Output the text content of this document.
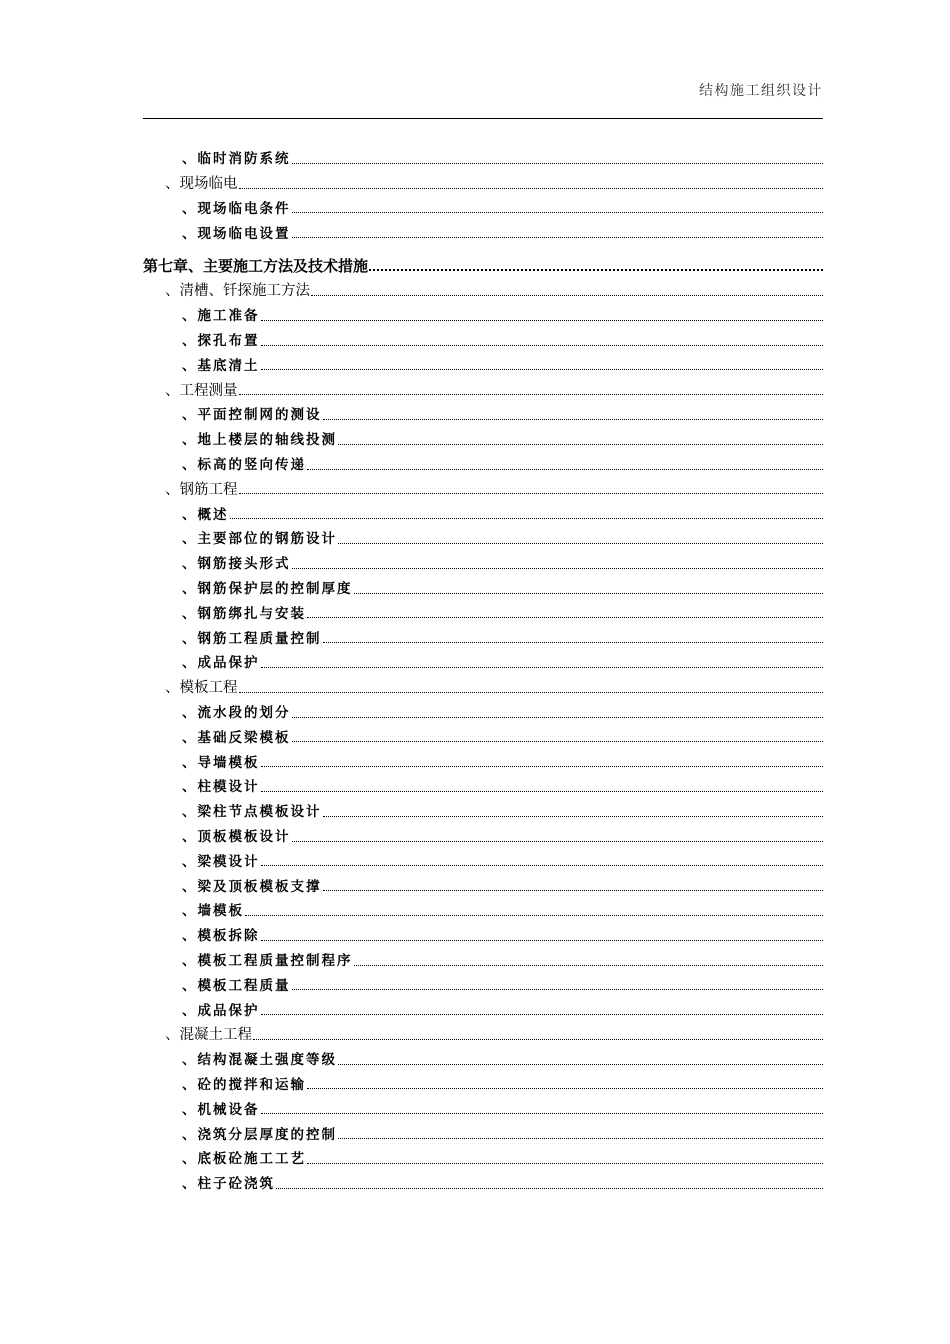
结构施工组织设计
、临时消防系统
、现场临电
、现场临电条件
、现场临电设置
第七章、主要施工方法及技术措施
、清槽、钎探施工方法
、施工准备
、探孔布置
、基底清土
、工程测量
、平面控制网的测设
、地上楼层的轴线投测
、标高的竖向传递
、钢筋工程
、概述
、主要部位的钢筋设计
、钢筋接头形式
、钢筋保护层的控制厚度
、钢筋绑扎与安装
、钢筋工程质量控制
、成品保护
、模板工程
、流水段的划分
、基础反梁模板
、导墙模板
、柱模设计
、梁柱节点模板设计
、顶板模板设计
、梁模设计
、梁及顶板模板支撑
、墙模板
、模板拆除
、模板工程质量控制程序
、模板工程质量
、成品保护
、混凝土工程
、结构混凝土强度等级
、砼的搅拌和运输
、机械设备
、浇筑分层厚度的控制
、底板砼施工工艺
、柱子砼浇筑
